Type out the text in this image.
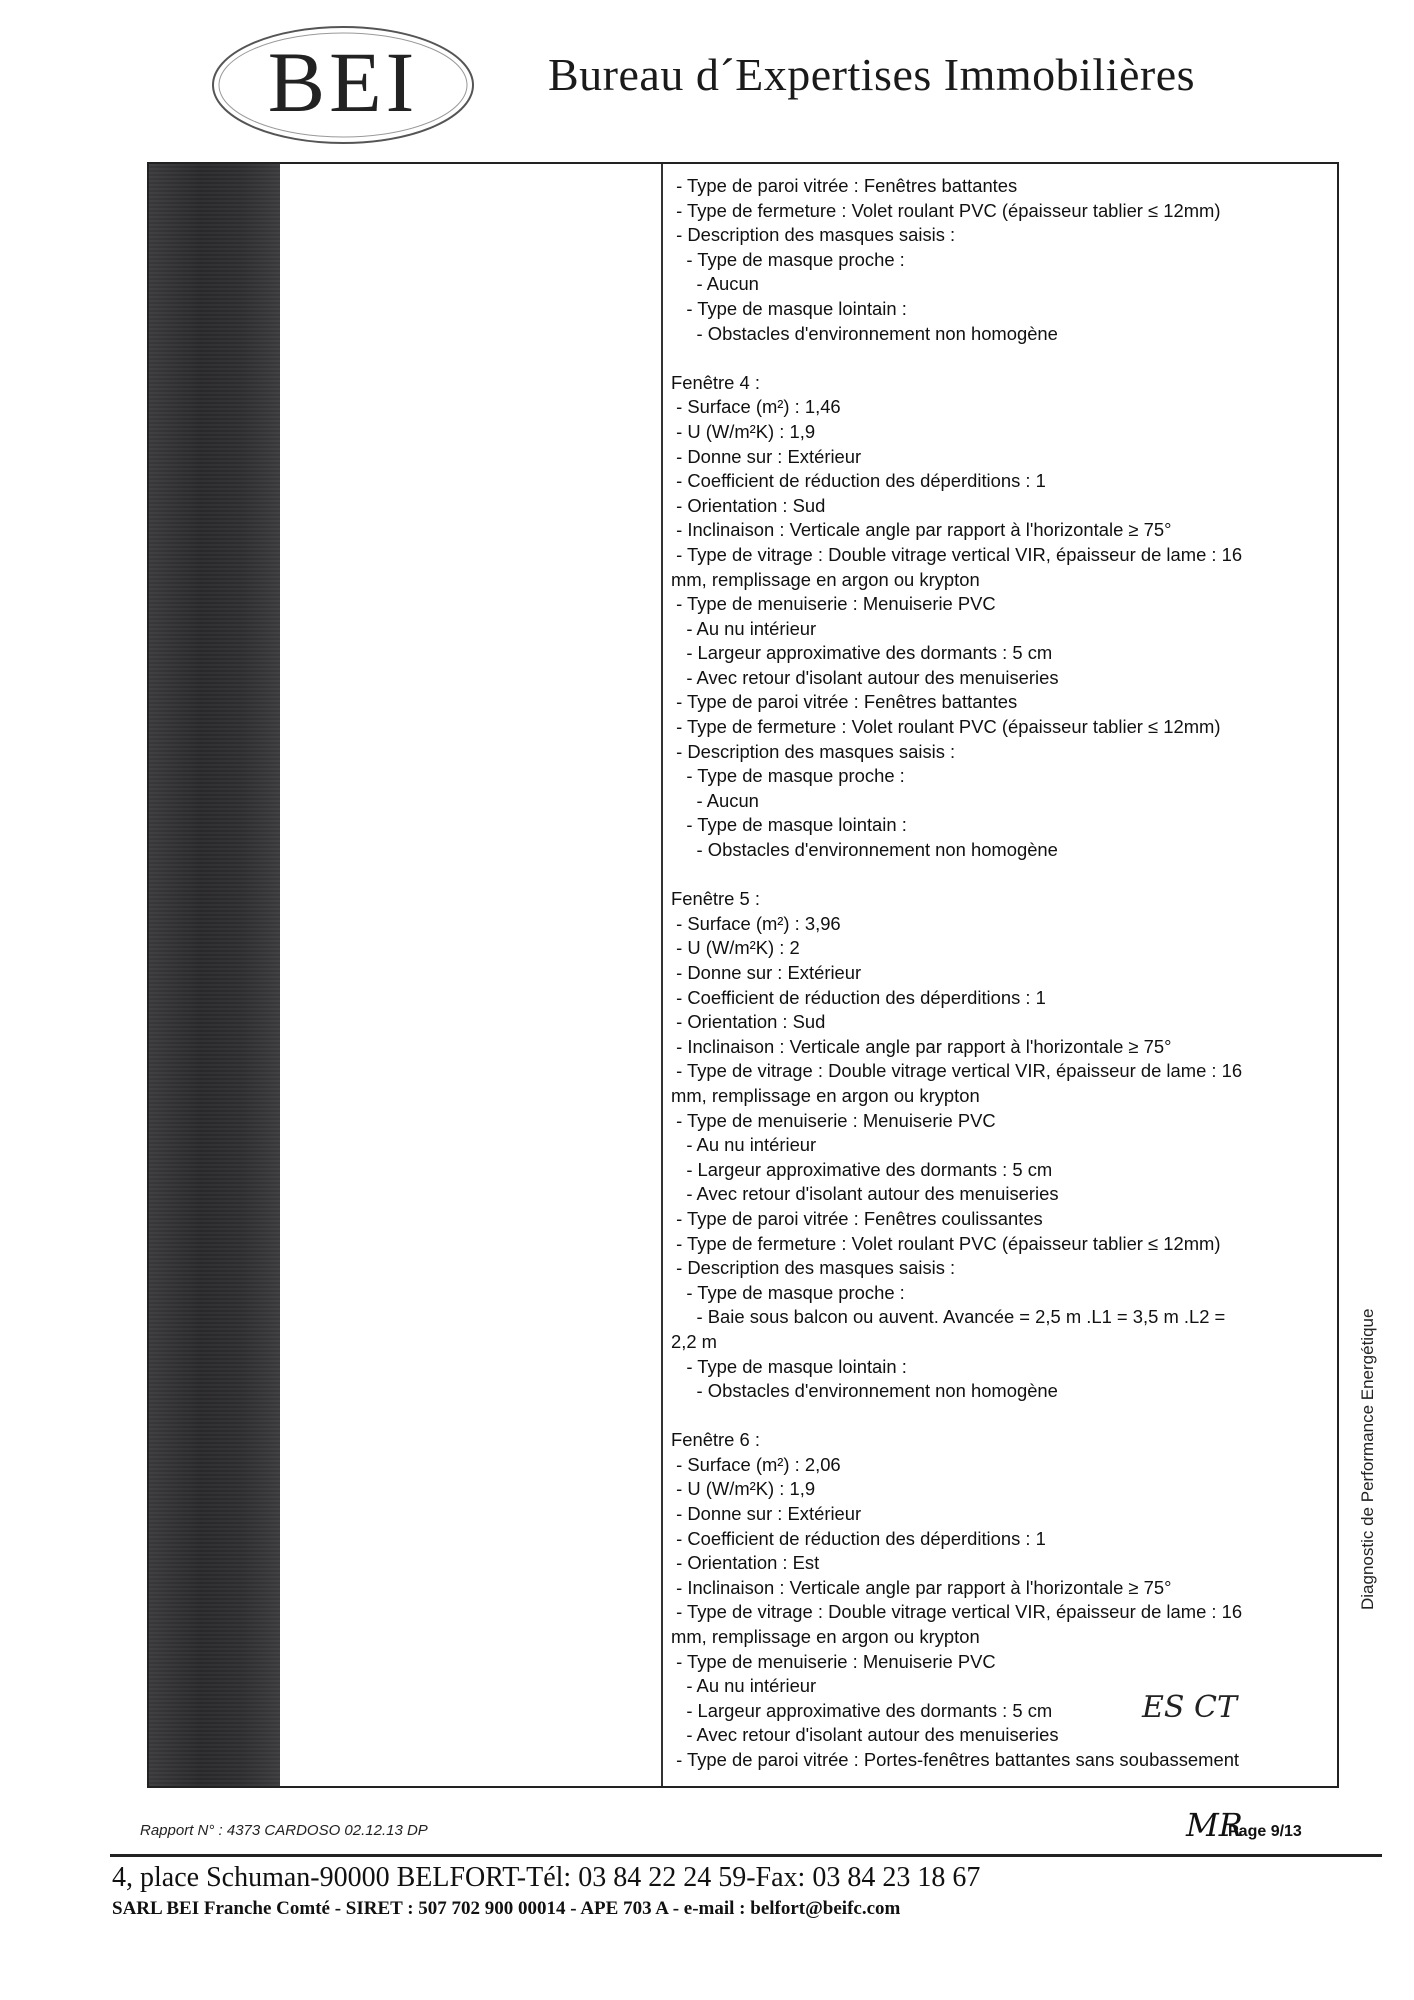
BEI	Bureau d´Expertises Immobilières
- Type de paroi vitrée : Fenêtres battantes
- Type de fermeture : Volet roulant PVC (épaisseur tablier ≤ 12mm)
- Description des masques saisis :
- Type de masque proche :
- Aucun
- Type de masque lointain :
- Obstacles d'environnement non homogène
Fenêtre 4 :
- Surface (m²) : 1,46
- U (W/m²K) : 1,9
- Donne sur : Extérieur
- Coefficient de réduction des déperditions : 1
- Orientation : Sud
- Inclinaison : Verticale angle par rapport à l'horizontale ≥ 75°
- Type de vitrage : Double vitrage vertical VIR, épaisseur de lame : 16
mm, remplissage en argon ou krypton
- Type de menuiserie : Menuiserie PVC
- Au nu intérieur
- Largeur approximative des dormants : 5 cm
- Avec retour d'isolant autour des menuiseries
- Type de paroi vitrée : Fenêtres battantes
- Type de fermeture : Volet roulant PVC (épaisseur tablier ≤ 12mm)
- Description des masques saisis :
- Type de masque proche :
- Aucun
- Type de masque lointain :
- Obstacles d'environnement non homogène
Fenêtre 5 :
- Surface (m²) : 3,96
- U (W/m²K) : 2
- Donne sur : Extérieur
- Coefficient de réduction des déperditions : 1
- Orientation : Sud
- Inclinaison : Verticale angle par rapport à l'horizontale ≥ 75°
- Type de vitrage : Double vitrage vertical VIR, épaisseur de lame : 16
mm, remplissage en argon ou krypton
- Type de menuiserie : Menuiserie PVC
- Au nu intérieur
- Largeur approximative des dormants : 5 cm
- Avec retour d'isolant autour des menuiseries
- Type de paroi vitrée : Fenêtres coulissantes
- Type de fermeture : Volet roulant PVC (épaisseur tablier ≤ 12mm)
- Description des masques saisis :
- Type de masque proche :
- Baie sous balcon ou auvent. Avancée = 2,5 m .L1 = 3,5 m .L2 =
2,2 m
- Type de masque lointain :
- Obstacles d'environnement non homogène
Fenêtre 6 :
- Surface (m²) : 2,06
- U (W/m²K) : 1,9
- Donne sur : Extérieur
- Coefficient de réduction des déperditions : 1
- Orientation : Est
- Inclinaison : Verticale angle par rapport à l'horizontale ≥ 75°
- Type de vitrage : Double vitrage vertical VIR, épaisseur de lame : 16
mm, remplissage en argon ou krypton
- Type de menuiserie : Menuiserie PVC
- Au nu intérieur
- Largeur approximative des dormants : 5 cm
- Avec retour d'isolant autour des menuiseries
- Type de paroi vitrée : Portes-fenêtres battantes sans soubassement
ES CT
Diagnostic de Performance Energétique
Rapport N° : 4373 CARDOSO 02.12.13 DP	MR
Page 9/13
4, place Schuman-90000 BELFORT-Tél: 03 84 22 24 59-Fax: 03 84 23 18 67
SARL BEI Franche Comté - SIRET : 507 702 900 00014 - APE 703 A - e-mail : belfort@beifc.com
